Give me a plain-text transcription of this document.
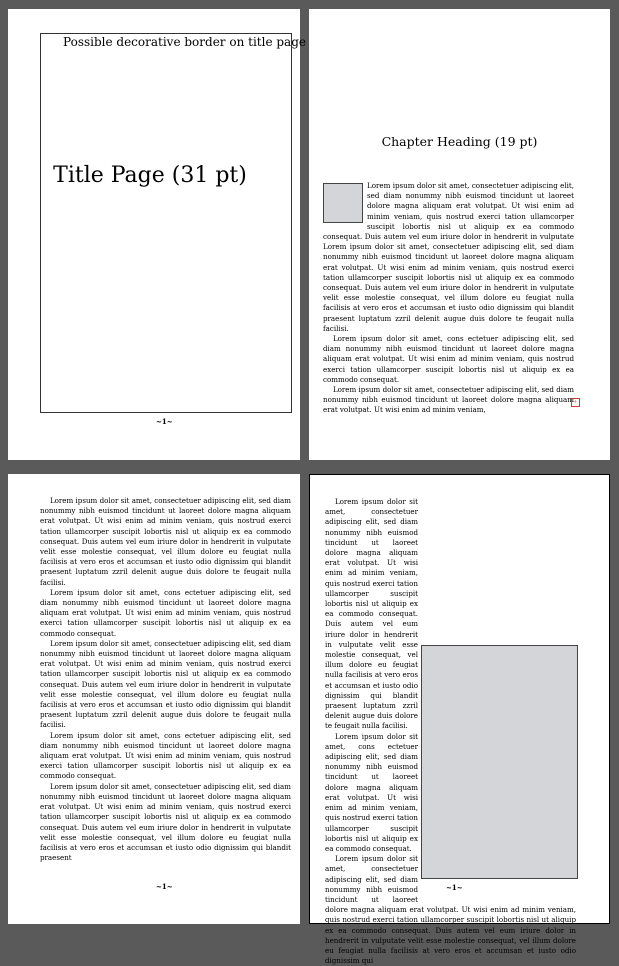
Possible decorative border on title page
Title Page (31 pt)
~1~
Chapter Heading (19 pt)

Lorem ipsum dolor sit amet, consectetuer adipiscing elit, sed diam nonummy nibh euismod tincidunt ut laoreet dolore magna aliquam erat volutpat. Ut wisi enim ad minim veniam, quis nostrud exerci tation ullamcorper suscipit lobortis nisl ut aliquip ex ea commodo consequat. Duis autem vel eum iriure dolor in hendrerit in vulputate Lorem ipsum dolor sit amet, consectetuer adipiscing elit, sed diam nonummy nibh euismod tincidunt ut laoreet dolore magna aliquam erat volutpat. Ut wisi enim ad minim veniam, quis nostrud exerci tation ullamcorper suscipit lobortis nisl ut aliquip ex ea commodo consequat. Duis autem vel eum iriure dolor in hendrerit in vulputate velit esse molestie consequat, vel illum dolore eu feugiat nulla facilisis at vero eros et accumsan et iusto odio dignissim qui blandit praesent luptatum zzril delenit augue duis dolore te feugait nulla facilisi.

Lorem ipsum dolor sit amet, cons ectetuer adipiscing elit, sed diam nonummy nibh euismod tincidunt ut laoreet dolore magna aliquam erat volutpat. Ut wisi enim ad minim veniam, quis nostrud exerci tation ullamcorper suscipit lobortis nisl ut aliquip ex ea commodo consequat.

Lorem ipsum dolor sit amet, consectetuer adipiscing elit, sed diam nonummy nibh euismod tincidunt ut laoreet dolore magna aliquam erat volutpat. Ut wisi enim ad minim veniam,

+

Lorem ipsum dolor sit amet, consectetuer adipiscing elit, sed diam nonummy nibh euismod tincidunt ut laoreet dolore magna aliquam erat volutpat. Ut wisi enim ad minim veniam, quis nostrud exerci tation ullamcorper suscipit lobortis nisl ut aliquip ex ea commodo consequat. Duis autem vel eum iriure dolor in hendrerit in vulputate velit esse molestie consequat, vel illum dolore eu feugiat nulla facilisis at vero eros et accumsan et iusto odio dignissim qui blandit praesent luptatum zzril delenit augue duis dolore te feugait nulla facilisi.

Lorem ipsum dolor sit amet, cons ectetuer adipiscing elit, sed diam nonummy nibh euismod tincidunt ut laoreet dolore magna aliquam erat volutpat. Ut wisi enim ad minim veniam, quis nostrud exerci tation ullamcorper suscipit lobortis nisl ut aliquip ex ea commodo consequat.

Lorem ipsum dolor sit amet, consectetuer adipiscing elit, sed diam nonummy nibh euismod tincidunt ut laoreet dolore magna aliquam erat volutpat. Ut wisi enim ad minim veniam, quis nostrud exerci tation ullamcorper suscipit lobortis nisl ut aliquip ex ea commodo consequat. Duis autem vel eum iriure dolor in hendrerit in vulputate velit esse molestie consequat, vel illum dolore eu feugiat nulla facilisis at vero eros et accumsan et iusto odio dignissim qui blandit praesent luptatum zzril delenit augue duis dolore te feugait nulla facilisi.

Lorem ipsum dolor sit amet, cons ectetuer adipiscing elit, sed diam nonummy nibh euismod tincidunt ut laoreet dolore magna aliquam erat volutpat. Ut wisi enim ad minim veniam, quis nostrud exerci tation ullamcorper suscipit lobortis nisl ut aliquip ex ea commodo consequat.

Lorem ipsum dolor sit amet, consectetuer adipiscing elit, sed diam nonummy nibh euismod tincidunt ut laoreet dolore magna aliquam erat volutpat. Ut wisi enim ad minim veniam, quis nostrud exerci tation ullamcorper suscipit lobortis nisl ut aliquip ex ea commodo consequat. Duis autem vel eum iriure dolor in hendrerit in vulputate velit esse molestie consequat, vel illum dolore eu feugiat nulla facilisis at vero eros et accumsan et iusto odio dignissim qui blandit praesent

~1~

Lorem ipsum dolor sit amet, consectetuer adipiscing elit, sed diam nonummy nibh euismod tincidunt ut laoreet dolore magna aliquam erat volutpat. Ut wisi enim ad minim veniam, quis nostrud exerci tation ullamcorper suscipit lobortis nisl ut aliquip ex ea commodo consequat. Duis autem vel eum iriure dolor in hendrerit in vulputate velit esse molestie consequat, vel illum dolore eu feugiat nulla facilisis at vero eros et accumsan et iusto odio dignissim qui blandit praesent luptatum zzril delenit augue duis dolore te feugait nulla facilisi.

Lorem ipsum dolor sit amet, cons ectetuer adipiscing elit, sed diam nonummy nibh euismod tincidunt ut laoreet dolore magna aliquam erat volutpat. Ut wisi enim ad minim veniam, quis nostrud exerci tation ullamcorper suscipit lobortis nisl ut aliquip ex ea commodo consequat.

Lorem ipsum dolor sit amet, consectetuer adipiscing elit, sed diam nonummy nibh euismod tincidunt ut laoreet dolore magna aliquam erat volutpat. Ut wisi enim ad minim veniam, quis nostrud exerci tation ullamcorper suscipit lobortis nisl ut aliquip ex ea commodo consequat. Duis autem vel eum iriure dolor in hendrerit in vulputate velit esse molestie consequat, vel illum dolore eu feugiat nulla facilisis at vero eros et accumsan et iusto odio dignissim qui

~1~
